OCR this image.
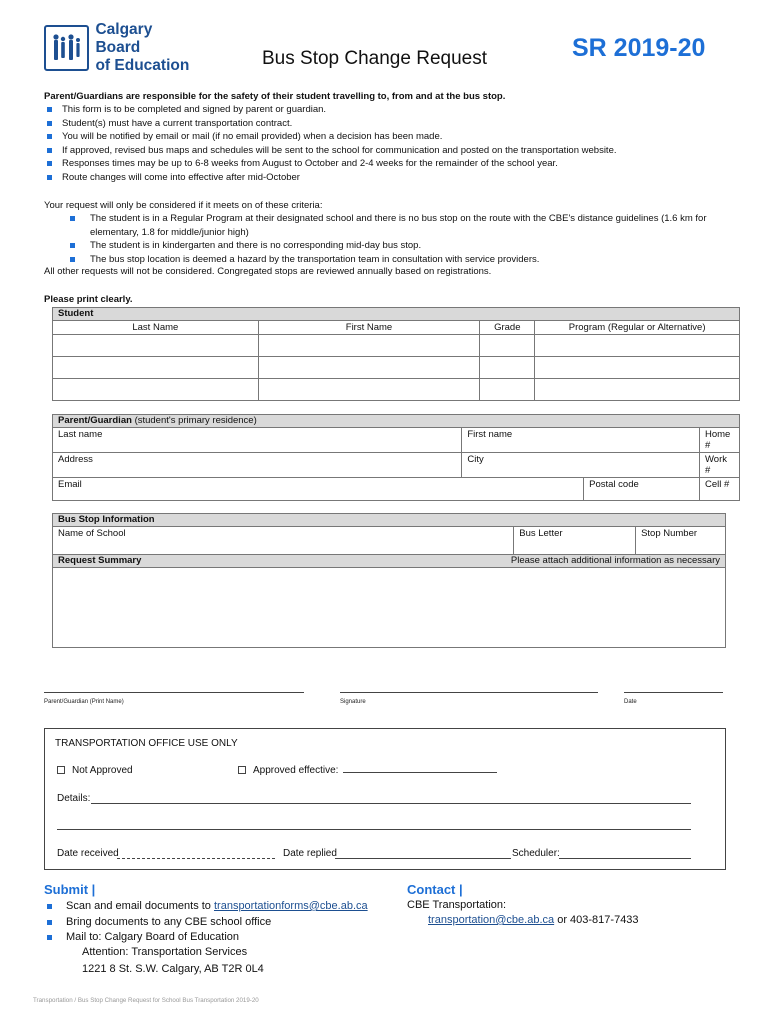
Calgary Board
of Education	Bus Stop Change Request	SR 2019-20
Parent/Guardians are responsible for the safety of their student travelling to, from and at the bus stop.
This form is to be completed and signed by parent or guardian.
Student(s) must have a current transportation contract.
You will be notified by email or mail (if no email provided) when a decision has been made.
If approved, revised bus maps and schedules will be sent to the school for communication and posted on the transportation website.
Responses times may be up to 6-8 weeks from August to October and 2-4 weeks for the remainder of the school year.
Route changes will come into effective after mid-October
Your request will only be considered if it meets on of these criteria:
The student is in a Regular Program at their designated school and there is no bus stop on the route with the CBE's distance guidelines (1.6 km for elementary, 1.8 for middle/junior high)
The student is in kindergarten and there is no corresponding mid-day bus stop.
The bus stop location is deemed a hazard by the transportation team in consultation with service providers.
All other requests will not be considered. Congregated stops are reviewed annually based on registrations.
Please print clearly.
Student			
Last Name	First Name	Grade	Program (Regular or Alternative)

Parent/Guardian (student's primary residence)			
Last name	First name		Home #
Address	City		Work #
Email		Postal code	Cell #
Bus Stop Information
Name of School	Bus Letter	Stop Number
Request Summary	Please attach additional information as necessary

Parent/Guardian (Print Name)	Signature	Date
TRANSPORTATION OFFICE USE ONLY
Not Approved	Approved effective:
Details:
Date received	Date replied	Scheduler:
Submit |
Scan and email documents to transportationforms@cbe.ab.ca
Bring documents to any CBE school office
Mail to: Calgary Board of Education
Attention: Transportation Services
1221 8 St. S.W. Calgary, AB T2R 0L4
Contact |
CBE Transportation:
transportation@cbe.ab.ca or 403-817-7433
Transportation / Bus Stop Change Request for School Bus Transportation 2019-20
